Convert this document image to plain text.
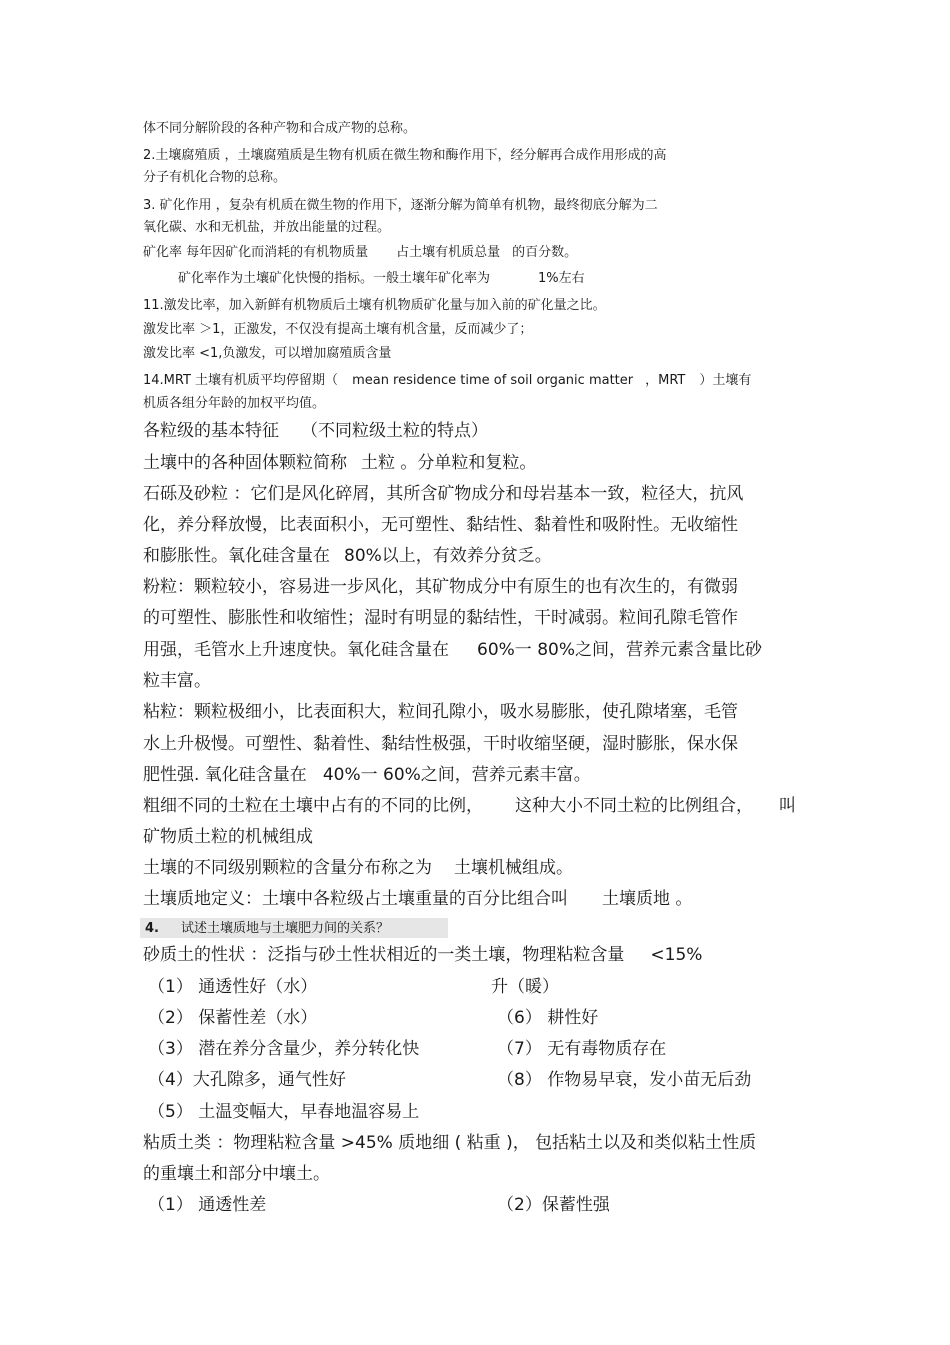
体不同分解阶段的各种产物和合成产物的总称。
2.土壤腐殖质 ，土壤腐殖质是生物有机质在微生物和酶作用下，经分解再合成作用形成的高
分子有机化合物的总称。
3. 矿化作用 ，复杂有机质在微生物的作用下，逐渐分解为简单有机物，最终彻底分解为二
氧化碳、水和无机盐，并放出能量的过程。
矿化率 每年因矿化而消耗的有机物质量 占土壤有机质总量 的百分数。
矿化率作为土壤矿化快慢的指标。一般土壤年矿化率为	1%左右
11.激发比率，加入新鲜有机物质后土壤有机物质矿化量与加入前的矿化量之比。
激发比率 ＞1，正激发，不仅没有提高土壤有机含量，反而减少了；
激发比率 <1,负激发，可以增加腐殖质含量
14.MRT 土壤有机质平均停留期（ mean residence time of soil organic matter ，MRT ）土壤有
机质各组分年龄的加权平均值。
各粒级的基本特征 （不同粒级土粒的特点）
土壤中的各种固体颗粒简称 土粒 。分单粒和复粒。
石砾及砂粒 ：它们是风化碎屑，其所含矿物成分和母岩基本一致，粒径大，抗风
化，养分释放慢，比表面积小，无可塑性、黏结性、黏着性和吸附性。无收缩性
和膨胀性。氧化硅含量在 80%以上，有效养分贫乏。
粉粒：颗粒较小，容易进一步风化，其矿物成分中有原生的也有次生的，有微弱
的可塑性、膨胀性和收缩性；湿时有明显的黏结性，干时减弱。粒间孔隙毛管作
用强，毛管水上升速度快。氧化硅含量在 60%一 80%之间，营养元素含量比砂
粒丰富。
粘粒：颗粒极细小，比表面积大，粒间孔隙小，吸水易膨胀，使孔隙堵塞，毛管
水上升极慢。可塑性、黏着性、黏结性极强，干时收缩坚硬，湿时膨胀，保水保
肥性强. 氧化硅含量在 40%一 60%之间，营养元素丰富。
粗细不同的土粒在土壤中占有的不同的比例， 这种大小不同土粒的比例组合， 叫
矿物质土粒的机械组成
土壤的不同级别颗粒的含量分布称之为 土壤机械组成。
土壤质地定义：土壤中各粒级占土壤重量的百分比组合叫 土壤质地 。
4. 试述土壤质地与土壤肥力间的关系？
砂质土的性状 ：泛指与砂土性状相近的一类土壤，物理粘粒含量 <15%
（1） 通透性好（水）	升（暖）
（2） 保蓄性差（水）	（6） 耕性好
（3） 潜在养分含量少，养分转化快	（7） 无有毒物质存在
（4）大孔隙多，通气性好	（8） 作物易早衰，发小苗无后劲
（5） 土温变幅大，早春地温容易上
粘质土类 ：物理粘粒含量 >45% 质地细 ( 粘重 )， 包括粘土以及和类似粘土性质
的重壤土和部分中壤土。
（1） 通透性差	（2）保蓄性强
